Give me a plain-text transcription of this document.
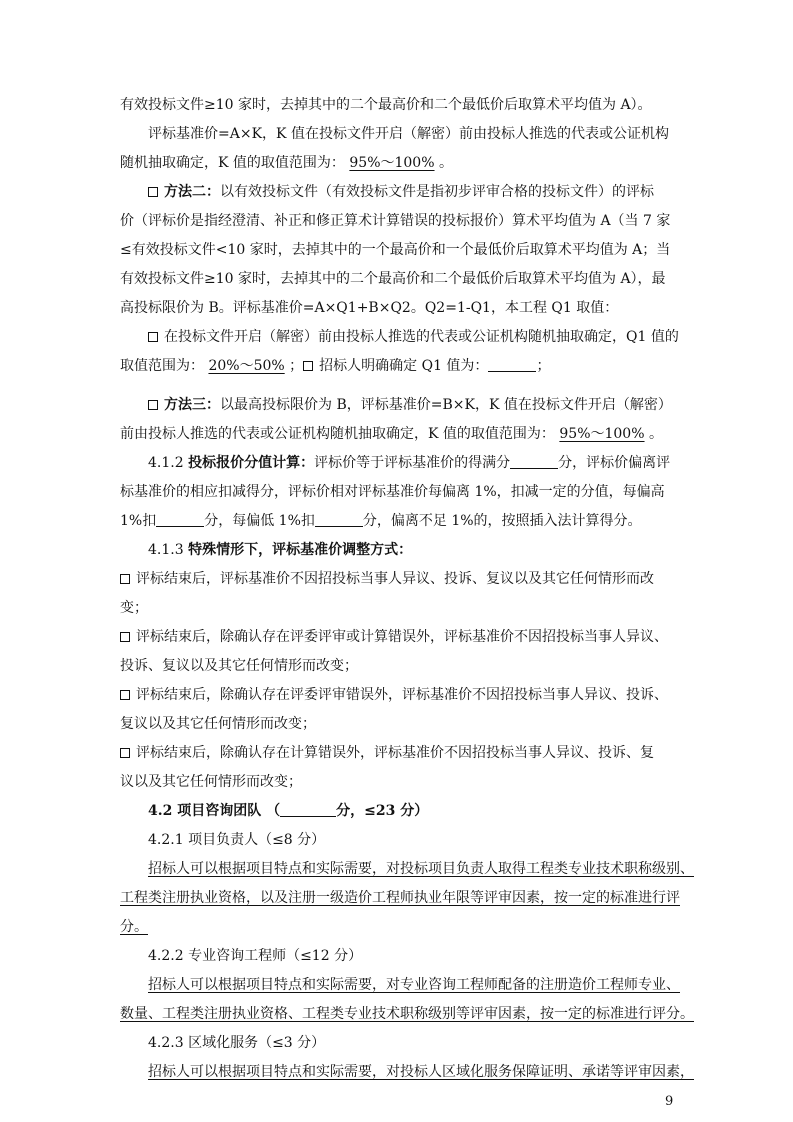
有效投标文件≥10 家时，去掉其中的二个最高价和二个最低价后取算术平均值为 A）。
评标基准价=A×K，K 值在投标文件开启（解密）前由投标人推选的代表或公证机构
随机抽取确定，K 值的取值范围为： 95%～100% 。
方法二：以有效投标文件（有效投标文件是指初步评审合格的投标文件）的评标
价（评标价是指经澄清、补正和修正算术计算错误的投标报价）算术平均值为 A（当 7 家
≤有效投标文件<10 家时，去掉其中的一个最高价和一个最低价后取算术平均值为 A；当
有效投标文件≥10 家时，去掉其中的二个最高价和二个最低价后取算术平均值为 A），最
高投标限价为 B。评标基准价=A×Q1+B×Q2。Q2=1-Q1，本工程 Q1 取值：
在投标文件开启（解密）前由投标人推选的代表或公证机构随机抽取确定，Q1 值的
取值范围为： 20%～50% ； 招标人明确确定 Q1 值为：	；
方法三：以最高投标限价为 B，评标基准价=B×K，K 值在投标文件开启（解密）
前由投标人推选的代表或公证机构随机抽取确定，K 值的取值范围为： 95%～100% 。
4.1.2 投标报价分值计算：评标价等于评标基准价的得满分	分，评标价偏离评
标基准价的相应扣减得分，评标价相对评标基准价每偏离 1%，扣减一定的分值，每偏高
1%扣	分，每偏低 1%扣	分，偏离不足 1%的，按照插入法计算得分。
4.1.3 特殊情形下，评标基准价调整方式：
评标结束后，评标基准价不因招投标当事人异议、投诉、复议以及其它任何情形而改
变；
评标结束后，除确认存在评委评审或计算错误外，评标基准价不因招投标当事人异议、
投诉、复议以及其它任何情形而改变；
评标结束后，除确认存在评委评审错误外，评标基准价不因招投标当事人异议、投诉、
复议以及其它任何情形而改变；
评标结束后，除确认存在计算错误外，评标基准价不因招投标当事人异议、投诉、复
议以及其它任何情形而改变；
4.2 项目咨询团队 （	分，≤23 分）
4.2.1 项目负责人（≤8 分）
招标人可以根据项目特点和实际需要，对投标项目负责人取得工程类专业技术职称级别、
工程类注册执业资格，以及注册一级造价工程师执业年限等评审因素，按一定的标准进行评
分。
4.2.2 专业咨询工程师（≤12 分）
招标人可以根据项目特点和实际需要，对专业咨询工程师配备的注册造价工程师专业、
数量、工程类注册执业资格、工程类专业技术职称级别等评审因素，按一定的标准进行评分。
4.2.3 区域化服务（≤3 分）
招标人可以根据项目特点和实际需要，对投标人区域化服务保障证明、承诺等评审因素，
9
